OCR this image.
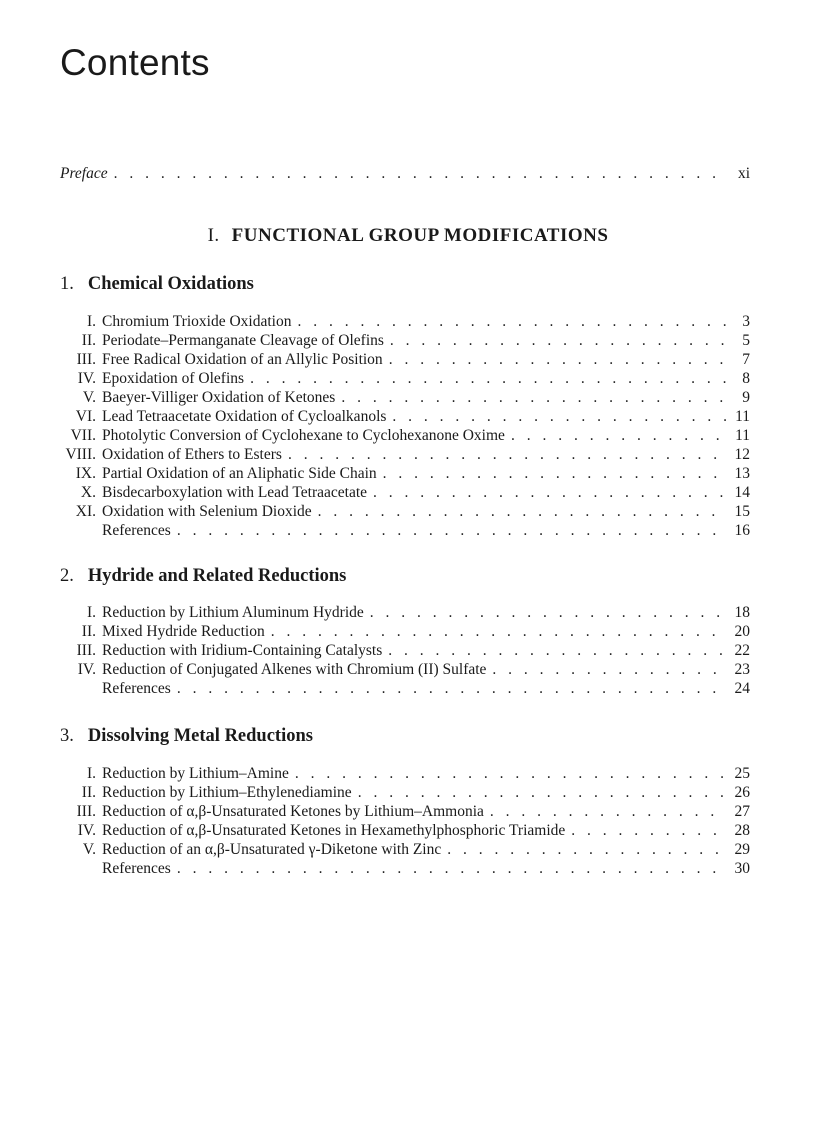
Contents
Preface . . .	xi
I. FUNCTIONAL GROUP MODIFICATIONS
1. Chemical Oxidations
I. Chromium Trioxide Oxidation . . .	3
II. Periodate–Permanganate Cleavage of Olefins . . .	5
III. Free Radical Oxidation of an Allylic Position . . .	7
IV. Epoxidation of Olefins . . .	8
V. Baeyer-Villiger Oxidation of Ketones . . .	9
VI. Lead Tetraacetate Oxidation of Cycloalkanols . . .	11
VII. Photolytic Conversion of Cyclohexane to Cyclohexanone Oxime . . .	11
VIII. Oxidation of Ethers to Esters . . .	12
IX. Partial Oxidation of an Aliphatic Side Chain . . .	13
X. Bisdecarboxylation with Lead Tetraacetate . . .	14
XI. Oxidation with Selenium Dioxide . . .	15
References . . .	16
2. Hydride and Related Reductions
I. Reduction by Lithium Aluminum Hydride . . .	18
II. Mixed Hydride Reduction . . .	20
III. Reduction with Iridium-Containing Catalysts . . .	22
IV. Reduction of Conjugated Alkenes with Chromium (II) Sulfate . . .	23
References . . .	24
3. Dissolving Metal Reductions
I. Reduction by Lithium–Amine . . .	25
II. Reduction by Lithium–Ethylenediamine . . .	26
III. Reduction of α,β-Unsaturated Ketones by Lithium–Ammonia . . .	27
IV. Reduction of α,β-Unsaturated Ketones in Hexamethylphosphoric Triamide . . .	28
V. Reduction of an α,β-Unsaturated γ-Diketone with Zinc . . .	29
References . . .	30
